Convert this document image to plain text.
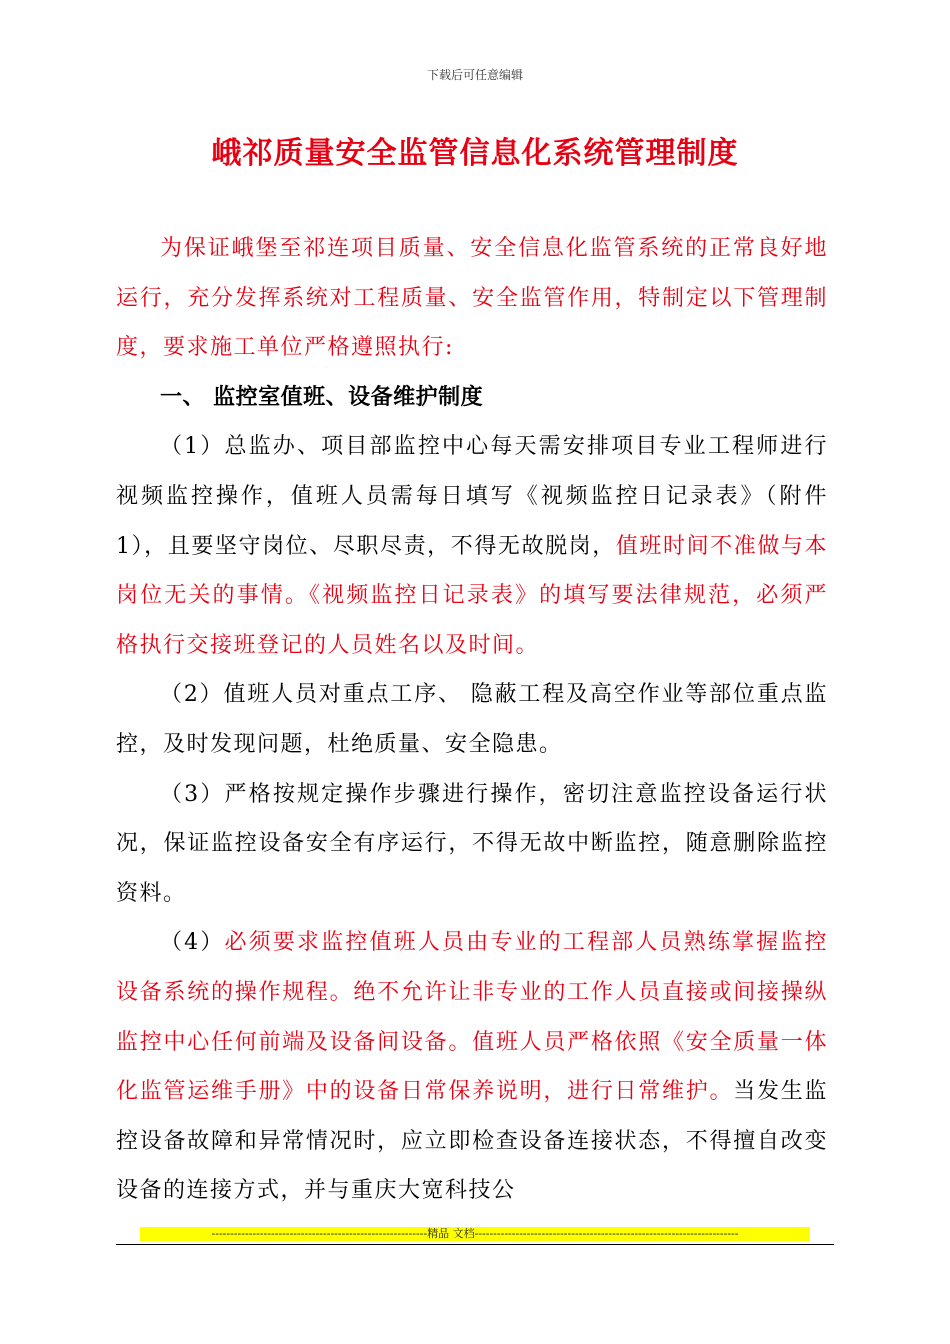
下载后可任意编辑
峨祁质量安全监管信息化系统管理制度

为保证峨堡至祁连项目质量、安全信息化监管系统的正常良好地运行，充分发挥系统对工程质量、安全监管作用，特制定以下管理制度，要求施工单位严格遵照执行:

一、 监控室值班、设备维护制度

（1）总监办、项目部监控中心每天需安排项目专业工程师进行视频监控操作，值班人员需每日填写《视频监控日记录表》（附件1），且要坚守岗位、尽职尽责，不得无故脱岗，值班时间不准做与本岗位无关的事情。《视频监控日记录表》的填写要法律规范，必须严格执行交接班登记的人员姓名以及时间。

（2）值班人员对重点工序、 隐蔽工程及高空作业等部位重点监控，及时发现问题，杜绝质量、安全隐患。

（3）严格按规定操作步骤进行操作，密切注意监控设备运行状况，保证监控设备安全有序运行，不得无故中断监控，随意删除监控资料。

（4）必须要求监控值班人员由专业的工程部人员熟练掌握监控设备系统的操作规程。绝不允许让非专业的工作人员直接或间接操纵监控中心任何前端及设备间设备。值班人员严格依照《安全质量一体化监管运维手册》中的设备日常保养说明，进行日常维护。当发生监控设备故障和异常情况时，应立即检查设备连接状态，不得擅自改变设备的连接方式，并与重庆大宽科技公

----------------------------------------------------------精品 文档-----------------------------------------------------------------------
